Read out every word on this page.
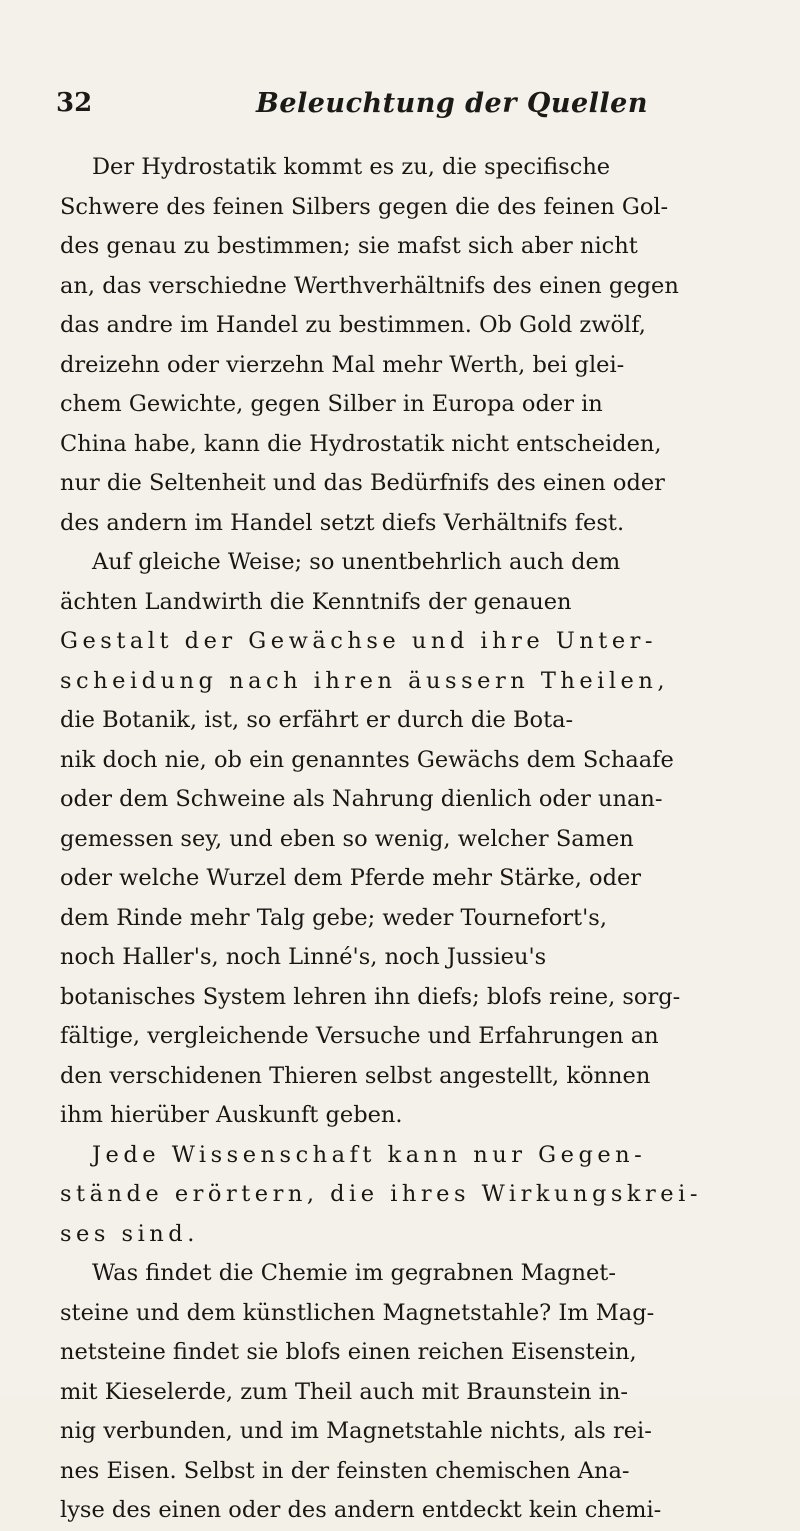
32	Beleuchtung der Quellen
Der Hydrostatik kommt es zu, die specifische
Schwere des feinen Silbers gegen die des feinen Gol-
des genau zu bestimmen; sie mafst sich aber nicht
an, das verschiedne Werthverhältnifs des einen gegen
das andre im Handel zu bestimmen. Ob Gold zwölf,
dreizehn oder vierzehn Mal mehr Werth, bei glei-
chem Gewichte, gegen Silber in Europa oder in
China habe, kann die Hydrostatik nicht entscheiden,
nur die Seltenheit und das Bedürfnifs des einen oder
des andern im Handel setzt diefs Verhältnifs fest.
Auf gleiche Weise; so unentbehrlich auch dem
ächten Landwirth die Kenntnifs der genauen
Gestalt der Gewächse und ihre Unter-
scheidung nach ihren äussern Theilen,
die Botanik, ist, so erfährt er durch die Bota-
nik doch nie, ob ein genanntes Gewächs dem Schaafe
oder dem Schweine als Nahrung dienlich oder unan-
gemessen sey, und eben so wenig, welcher Samen
oder welche Wurzel dem Pferde mehr Stärke, oder
dem Rinde mehr Talg gebe; weder Tournefort's,
noch Haller's, noch Linné's, noch Jussieu's
botanisches System lehren ihn diefs; blofs reine, sorg-
fältige, vergleichende Versuche und Erfahrungen an
den verschidenen Thieren selbst angestellt, können
ihm hierüber Auskunft geben.
Jede Wissenschaft kann nur Gegen-
stände erörtern, die ihres Wirkungskrei-
ses sind.
Was findet die Chemie im gegrabnen Magnet-
steine und dem künstlichen Magnetstahle? Im Mag-
netsteine findet sie blofs einen reichen Eisenstein,
mit Kieselerde, zum Theil auch mit Braunstein in-
nig verbunden, und im Magnetstahle nichts, als rei-
nes Eisen. Selbst in der feinsten chemischen Ana-
lyse des einen oder des andern entdeckt kein chemi-
